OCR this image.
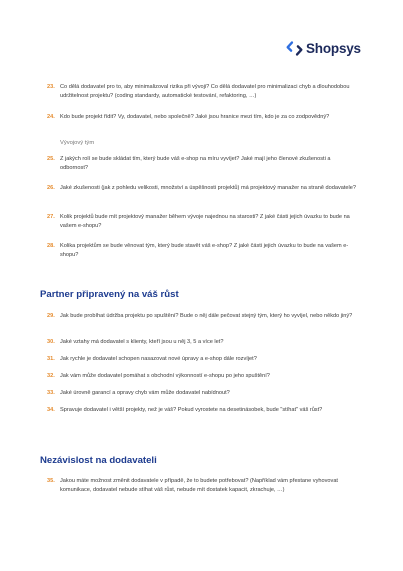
Shopsys
23. Co dělá dodavatel pro to, aby minimalizoval rizika při vývoji? Co dělá dodavatel pro minimalizaci chyb a dlouhodobou udržitelnost projektu? (coding standardy, automatické testování, refaktoring, …)
24. Kdo bude projekt řídit? Vy, dodavatel, nebo společně? Jaké jsou hranice mezi tím, kdo je za co zodpovědný?
Vývojový tým
25. Z jakých rolí se bude skládat tím, který bude váš e-shop na míru vyvíjet? Jaké mají jeho členové zkušenosti a odbornost?
26. Jaké zkušenosti (jak z pohledu velikosti, množství a úspěšnosti projektů) má projektový manažer na straně dodavatele?
27. Kolik projektů bude mít projektový manažer během vývoje najednou na starosti? Z jaké části jejich úvazku to bude na vašem e-shopu?
28. Kolika projektům se bude věnovat tým, který bude stavět váš e-shop? Z jaké části jejich úvazku to bude na vašem e-shopu?
Partner připravený na váš růst
29. Jak bude probíhat údržba projektu po spuštění? Bude o něj dále pečovat stejný tým, který ho vyvíjel, nebo někdo jiný?
30. Jaké vztahy má dodavatel s klienty, kteří jsou u něj 3, 5 a více let?
31. Jak rychle je dodavatel schopen nasazovat nové úpravy a e-shop dále rozvíjet?
32. Jak vám může dodavatel pomáhat s obchodní výkonností e-shopu po jeho spuštění?
33. Jaké úrovně garancí a opravy chyb vám může dodavatel nabídnout?
34. Spravuje dodavatel i větší projekty, než je váš? Pokud vyrostete na desetinásobek, bude "stíhat" váš růst?
Nezávislost na dodavateli
35. Jakou máte možnost změnit dodavatele v případě, že to budete potřebovat? (Například vám přestane vyhovovat komunikace, dodavatel nebude stíhat váš růst, nebude mít dostatek kapacit, zkrachuje, …)
